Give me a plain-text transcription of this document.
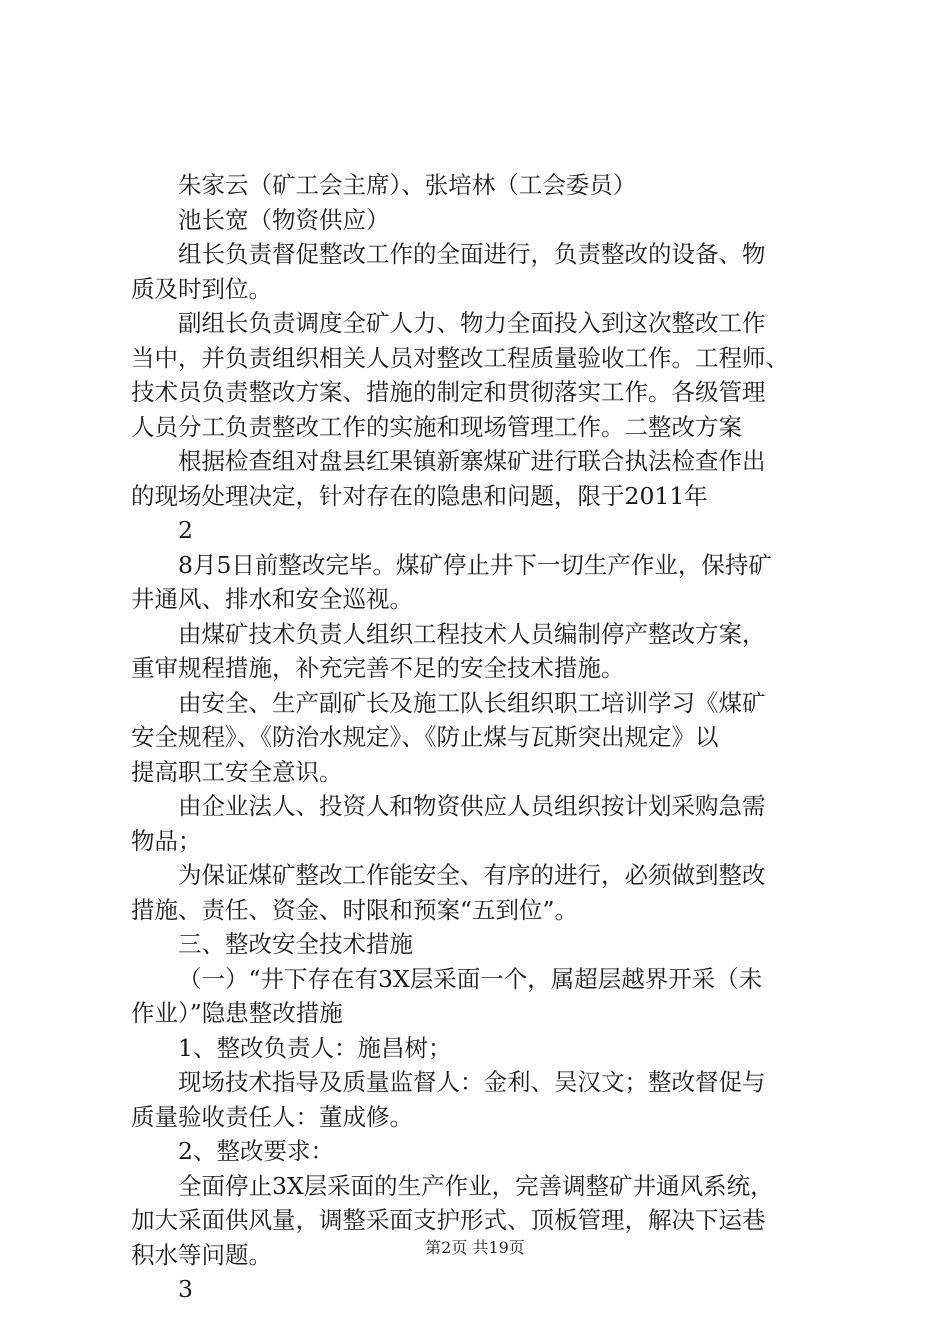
朱家云（矿工会主席）、张培林（工会委员）
池长宽（物资供应）
组长负责督促整改工作的全面进行，负责整改的设备、物
质及时到位。
副组长负责调度全矿人力、物力全面投入到这次整改工作
当中，并负责组织相关人员对整改工程质量验收工作。工程师、
技术员负责整改方案、措施的制定和贯彻落实工作。各级管理
人员分工负责整改工作的实施和现场管理工作。二整改方案
根据检查组对盘县红果镇新寨煤矿进行联合执法检查作出
的现场处理决定，针对存在的隐患和问题，限于2011年
2
8月5日前整改完毕。煤矿停止井下一切生产作业，保持矿
井通风、排水和安全巡视。
由煤矿技术负责人组织工程技术人员编制停产整改方案，
重审规程措施，补充完善不足的安全技术措施。
由安全、生产副矿长及施工队长组织职工培训学习《煤矿
安全规程》、《防治水规定》、《防止煤与瓦斯突出规定》以
提高职工安全意识。
由企业法人、投资人和物资供应人员组织按计划采购急需
物品；
为保证煤矿整改工作能安全、有序的进行，必须做到整改
措施、责任、资金、时限和预案“五到位”。
三、整改安全技术措施
（一）“井下存在有3X层采面一个，属超层越界开采（未
作业）”隐患整改措施
1、整改负责人：施昌树；
现场技术指导及质量监督人：金利、吴汉文；整改督促与
质量验收责任人：董成修。
2、整改要求：
全面停止3X层采面的生产作业，完善调整矿井通风系统，
加大采面供风量，调整采面支护形式、顶板管理，解决下运巷
积水等问题。
3
第2页 共19页
